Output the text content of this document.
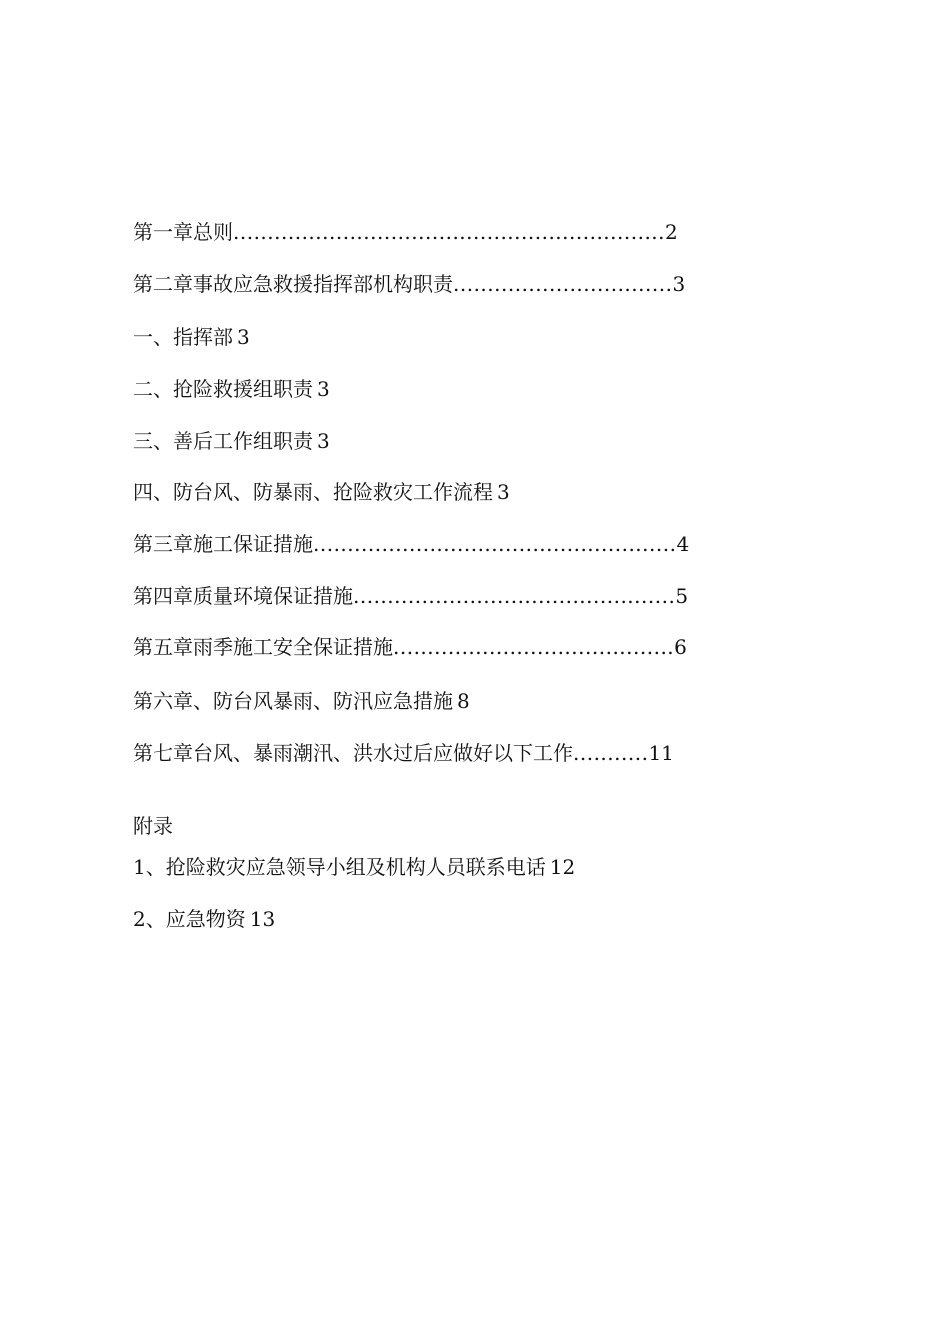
第一章总则 ............................................................... 2
第二章事故应急救援指挥部机构职责 ................................ 3
一、指挥部 3
二、抢险救援组职责 3
三、善后工作组职责 3
四、防台风、防暴雨、抢险救灾工作流程 3
第三章施工保证措施 ..................................................... 4
第四章质量环境保证措施 ............................................... 5
第五章雨季施工安全保证措施 ......................................... 6
第六章、防台风暴雨、防汛应急措施 8
第七章台风、暴雨潮汛、洪水过后应做好以下工作 ........... 11
附录
1、抢险救灾应急领导小组及机构人员联系电话 12
2、应急物资 13
